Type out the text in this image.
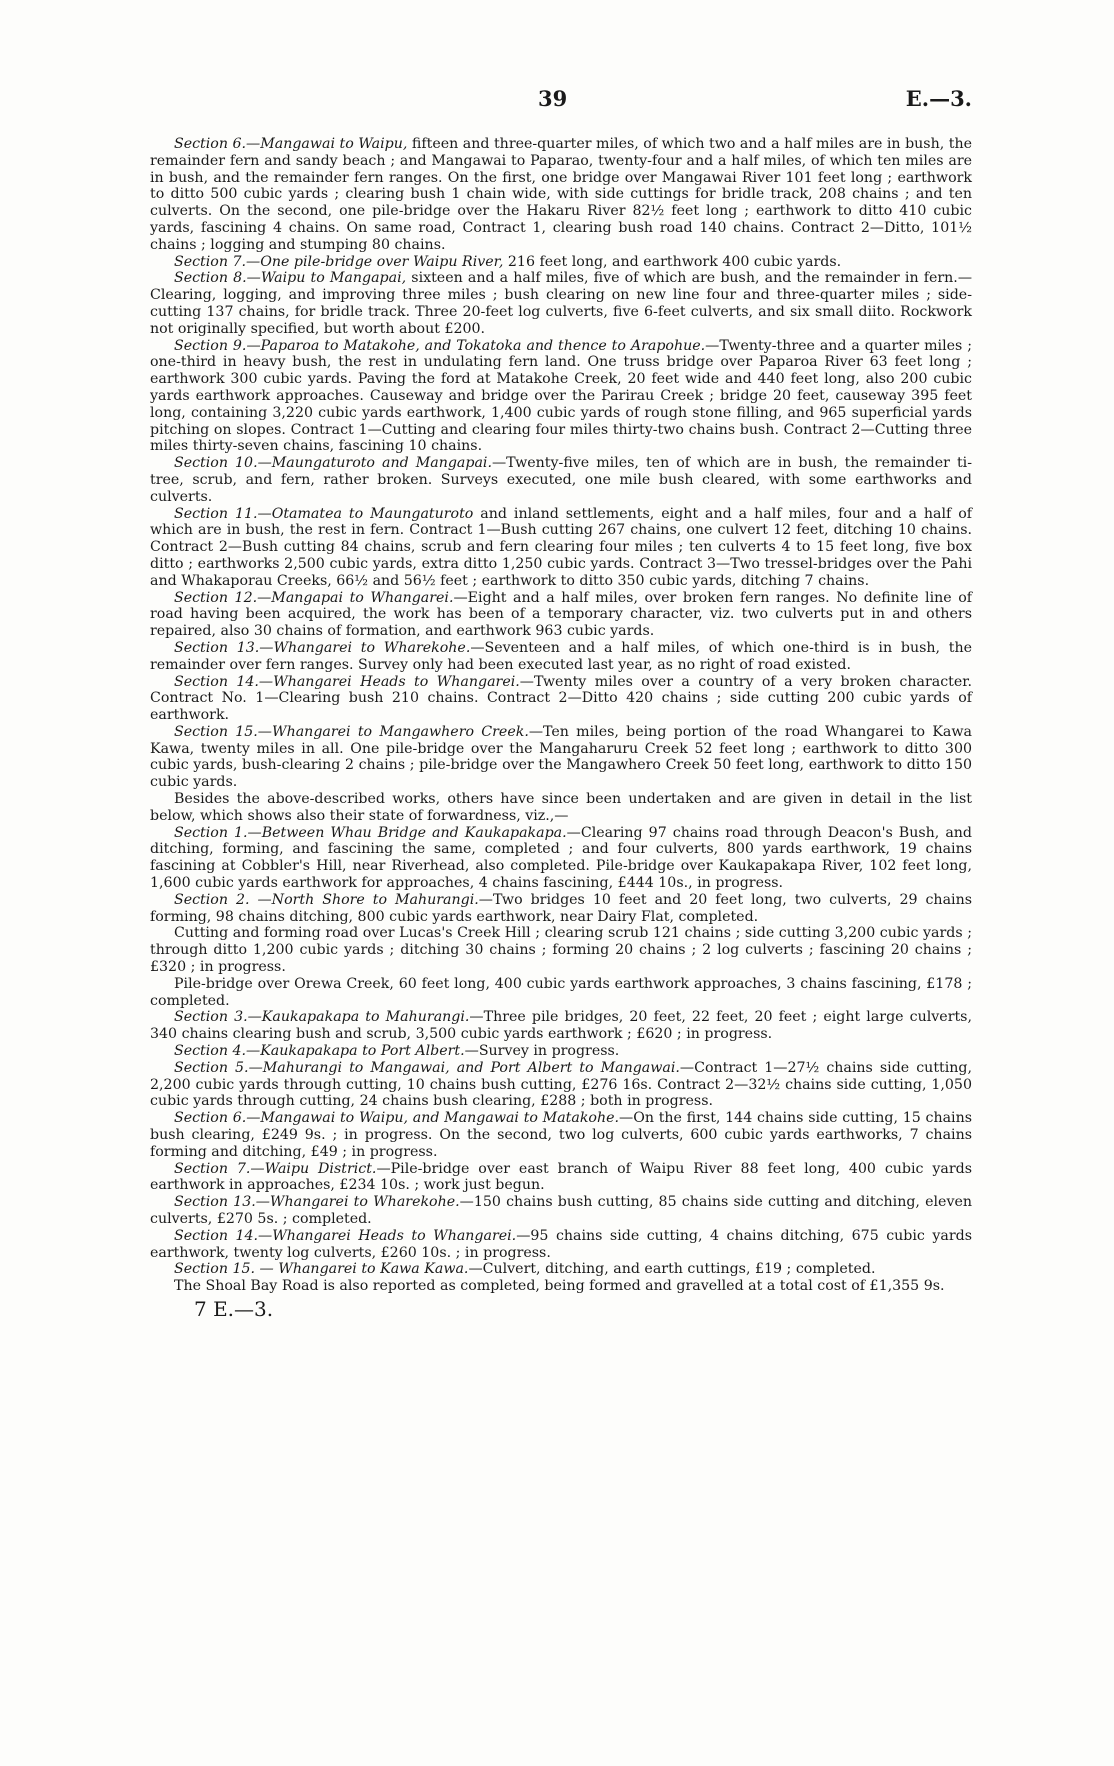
39	E.—3.

Section 6.—Mangawai to Waipu, fifteen and three-quarter miles, of which two and a half miles are in bush, the remainder fern and sandy beach ; and Mangawai to Paparao, twenty-four and a half miles, of which ten miles are in bush, and the remainder fern ranges. On the first, one bridge over Mangawai River 101 feet long ; earthwork to ditto 500 cubic yards ; clearing bush 1 chain wide, with side cuttings for bridle track, 208 chains ; and ten culverts. On the second, one pile-bridge over the Hakaru River 82½ feet long ; earthwork to ditto 410 cubic yards, fascining 4 chains. On same road, Contract 1, clearing bush road 140 chains. Contract 2—Ditto, 101½ chains ; logging and stumping 80 chains.

Section 7.—One pile-bridge over Waipu River, 216 feet long, and earthwork 400 cubic yards.

Section 8.—Waipu to Mangapai, sixteen and a half miles, five of which are bush, and the remainder in fern.—Clearing, logging, and improving three miles ; bush clearing on new line four and three-quarter miles ; side-cutting 137 chains, for bridle track. Three 20-feet log culverts, five 6-feet culverts, and six small diito. Rockwork not originally specified, but worth about £200.

Section 9.—Paparoa to Matakohe, and Tokatoka and thence to Arapohue.—Twenty-three and a quarter miles ; one-third in heavy bush, the rest in undulating fern land. One truss bridge over Paparoa River 63 feet long ; earthwork 300 cubic yards. Paving the ford at Matakohe Creek, 20 feet wide and 440 feet long, also 200 cubic yards earthwork approaches. Causeway and bridge over the Parirau Creek ; bridge 20 feet, causeway 395 feet long, containing 3,220 cubic yards earthwork, 1,400 cubic yards of rough stone filling, and 965 superficial yards pitching on slopes. Contract 1—Cutting and clearing four miles thirty-two chains bush. Contract 2—Cutting three miles thirty-seven chains, fascining 10 chains.

Section 10.—Maungaturoto and Mangapai.—Twenty-five miles, ten of which are in bush, the remainder ti-tree, scrub, and fern, rather broken. Surveys executed, one mile bush cleared, with some earthworks and culverts.

Section 11.—Otamatea to Maungaturoto and inland settlements, eight and a half miles, four and a half of which are in bush, the rest in fern. Contract 1—Bush cutting 267 chains, one culvert 12 feet, ditching 10 chains. Contract 2—Bush cutting 84 chains, scrub and fern clearing four miles ; ten culverts 4 to 15 feet long, five box ditto ; earthworks 2,500 cubic yards, extra ditto 1,250 cubic yards. Contract 3—Two tressel-bridges over the Pahi and Whakaporau Creeks, 66½ and 56½ feet ; earthwork to ditto 350 cubic yards, ditching 7 chains.

Section 12.—Mangapai to Whangarei.—Eight and a half miles, over broken fern ranges. No definite line of road having been acquired, the work has been of a temporary character, viz. two culverts put in and others repaired, also 30 chains of formation, and earthwork 963 cubic yards.

Section 13.—Whangarei to Wharekohe.—Seventeen and a half miles, of which one-third is in bush, the remainder over fern ranges. Survey only had been executed last year, as no right of road existed.

Section 14.—Whangarei Heads to Whangarei.—Twenty miles over a country of a very broken character. Contract No. 1—Clearing bush 210 chains. Contract 2—Ditto 420 chains ; side cutting 200 cubic yards of earthwork.

Section 15.—Whangarei to Mangawhero Creek.—Ten miles, being portion of the road Whangarei to Kawa Kawa, twenty miles in all. One pile-bridge over the Mangaharuru Creek 52 feet long ; earthwork to ditto 300 cubic yards, bush-clearing 2 chains ; pile-bridge over the Mangawhero Creek 50 feet long, earthwork to ditto 150 cubic yards.

Besides the above-described works, others have since been undertaken and are given in detail in the list below, which shows also their state of forwardness, viz.,—

Section 1.—Between Whau Bridge and Kaukapakapa.—Clearing 97 chains road through Deacon's Bush, and ditching, forming, and fascining the same, completed ; and four culverts, 800 yards earthwork, 19 chains fascining at Cobbler's Hill, near Riverhead, also completed. Pile-bridge over Kaukapakapa River, 102 feet long, 1,600 cubic yards earthwork for approaches, 4 chains fascining, £444 10s., in progress.

Section 2. —North Shore to Mahurangi.—Two bridges 10 feet and 20 feet long, two culverts, 29 chains forming, 98 chains ditching, 800 cubic yards earthwork, near Dairy Flat, completed.

Cutting and forming road over Lucas's Creek Hill ; clearing scrub 121 chains ; side cutting 3,200 cubic yards ; through ditto 1,200 cubic yards ; ditching 30 chains ; forming 20 chains ; 2 log culverts ; fascining 20 chains ; £320 ; in progress.

Pile-bridge over Orewa Creek, 60 feet long, 400 cubic yards earthwork approaches, 3 chains fascining, £178 ; completed.

Section 3.—Kaukapakapa to Mahurangi.—Three pile bridges, 20 feet, 22 feet, 20 feet ; eight large culverts, 340 chains clearing bush and scrub, 3,500 cubic yards earthwork ; £620 ; in progress.

Section 4.—Kaukapakapa to Port Albert.—Survey in progress.

Section 5.—Mahurangi to Mangawai, and Port Albert to Mangawai.—Contract 1—27½ chains side cutting, 2,200 cubic yards through cutting, 10 chains bush cutting, £276 16s. Contract 2—32½ chains side cutting, 1,050 cubic yards through cutting, 24 chains bush clearing, £288 ; both in progress.

Section 6.—Mangawai to Waipu, and Mangawai to Matakohe.—On the first, 144 chains side cutting, 15 chains bush clearing, £249 9s. ; in progress. On the second, two log culverts, 600 cubic yards earthworks, 7 chains forming and ditching, £49 ; in progress.

Section 7.—Waipu District.—Pile-bridge over east branch of Waipu River 88 feet long, 400 cubic yards earthwork in approaches, £234 10s. ; work just begun.

Section 13.—Whangarei to Wharekohe.—150 chains bush cutting, 85 chains side cutting and ditching, eleven culverts, £270 5s. ; completed.

Section 14.—Whangarei Heads to Whangarei.—95 chains side cutting, 4 chains ditching, 675 cubic yards earthwork, twenty log culverts, £260 10s. ; in progress.

Section 15. — Whangarei to Kawa Kawa.—Culvert, ditching, and earth cuttings, £19 ; completed.

The Shoal Bay Road is also reported as completed, being formed and gravelled at a total cost of £1,355 9s.

7 E.—3.
